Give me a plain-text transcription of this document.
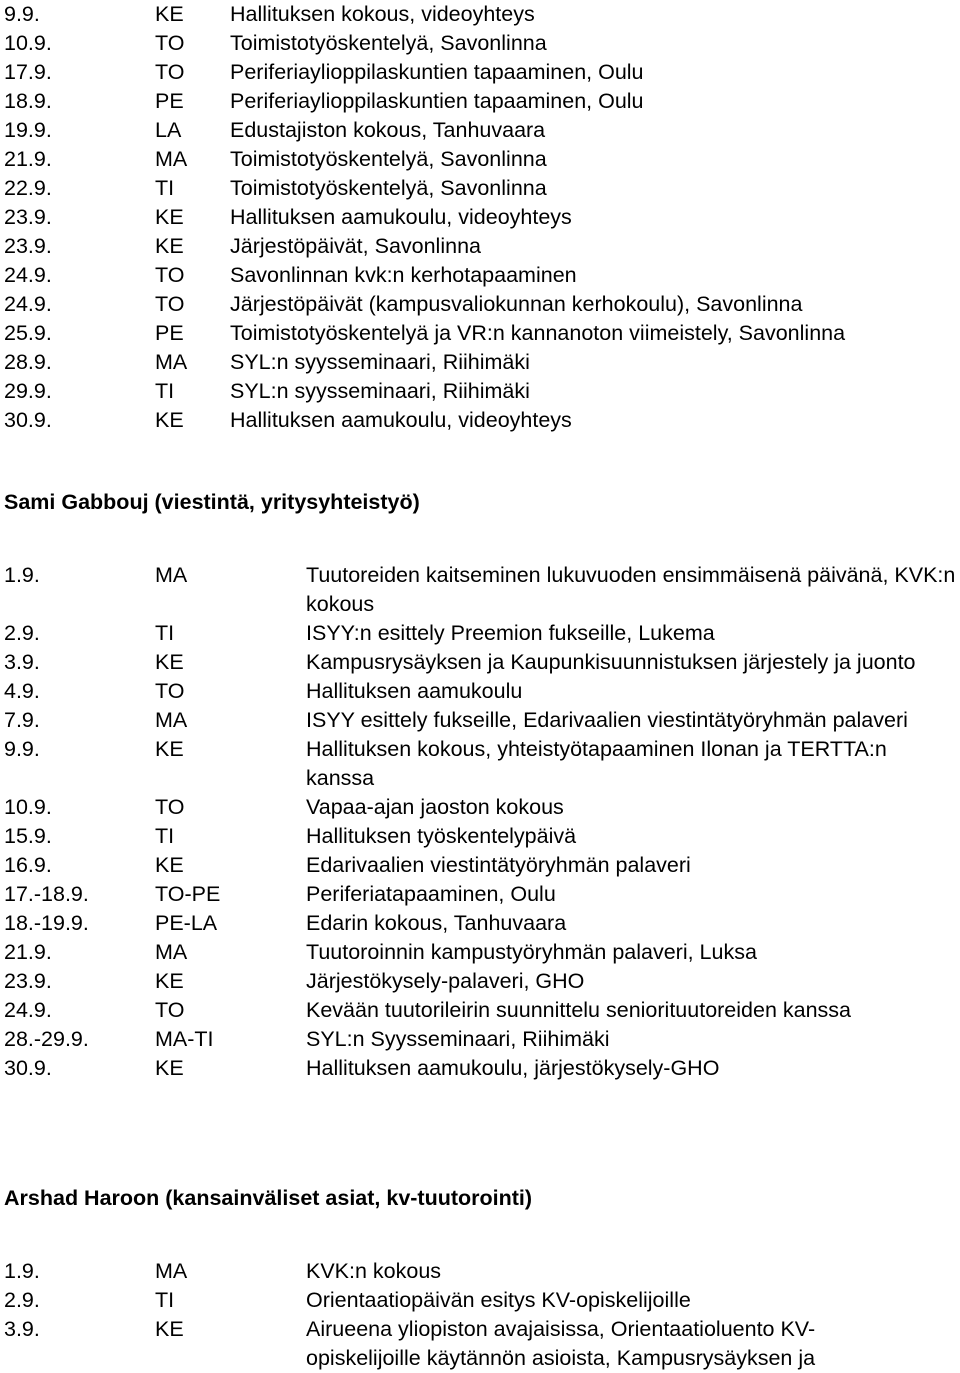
9.9.	KE	Hallituksen kokous, videoyhteys
10.9.	TO	Toimistotyöskentelyä, Savonlinna
17.9.	TO	Periferiaylioppilaskuntien tapaaminen, Oulu
18.9.	PE	Periferiaylioppilaskuntien tapaaminen, Oulu
19.9.	LA	Edustajiston kokous, Tanhuvaara
21.9.	MA	Toimistotyöskentelyä, Savonlinna
22.9.	TI	Toimistotyöskentelyä, Savonlinna
23.9.	KE	Hallituksen aamukoulu, videoyhteys
23.9.	KE	Järjestöpäivät, Savonlinna
24.9.	TO	Savonlinnan kvk:n kerhotapaaminen
24.9.	TO	Järjestöpäivät (kampusvaliokunnan kerhokoulu), Savonlinna
25.9.	PE	Toimistotyöskentelyä ja VR:n kannanoton viimeistely, Savonlinna
28.9.	MA	SYL:n syysseminaari, Riihimäki
29.9.	TI	SYL:n syysseminaari, Riihimäki
30.9.	KE	Hallituksen aamukoulu, videoyhteys
Sami Gabbouj (viestintä, yritysyhteistyö)
1.9.	MA	Tuutoreiden kaitseminen lukuvuoden ensimmäisenä päivänä, KVK:n kokous
2.9.	TI	ISYY:n esittely Preemion fukseille, Lukema
3.9.	KE	Kampusrysäyksen ja Kaupunkisuunnistuksen järjestely ja juonto
4.9.	TO	Hallituksen aamukoulu
7.9.	MA	ISYY esittely fukseille, Edarivaalien viestintätyöryhmän palaveri
9.9.	KE	Hallituksen kokous, yhteistyötapaaminen Ilonan ja TERTTA:n kanssa
10.9.	TO	Vapaa-ajan jaoston kokous
15.9.	TI	Hallituksen työskentelypäivä
16.9.	KE	Edarivaalien viestintätyöryhmän palaveri
17.-18.9.	TO-PE	Periferiatapaaminen, Oulu
18.-19.9.	PE-LA	Edarin kokous, Tanhuvaara
21.9.	MA	Tuutoroinnin kampustyöryhmän palaveri, Luksa
23.9.	KE	Järjestökysely-palaveri, GHO
24.9.	TO	Kevään tuutorileirin suunnittelu seniorituutoreiden kanssa
28.-29.9.	MA-TI	SYL:n Syysseminaari, Riihimäki
30.9.	KE	Hallituksen aamukoulu, järjestökysely-GHO
Arshad Haroon (kansainväliset asiat, kv-tuutorointi)
1.9.	MA	KVK:n kokous
2.9.	TI	Orientaatiopäivän esitys KV-opiskelijoille
3.9.	KE	Airueena yliopiston avajaisissa, Orientaatioluento KV-opiskelijoille käytännön asioista, Kampusrysäyksen ja
